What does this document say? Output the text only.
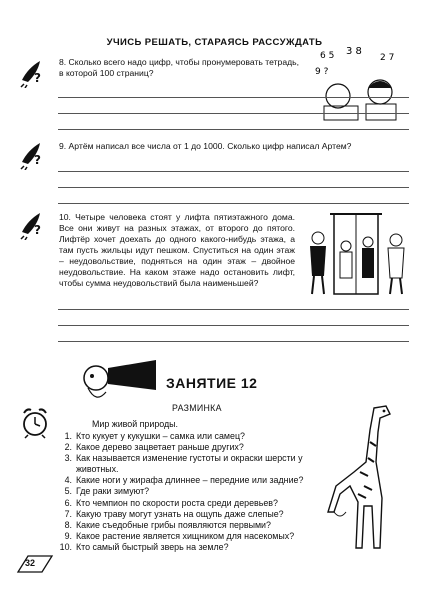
УЧИСЬ РЕШАТЬ, СТАРАЯСЬ РАССУЖДАТЬ
?
8. Сколько всего надо цифр, чтобы пронумеровать тетрадь, в которой 100 страниц?
6 5 3 8
2 7
9 ?
?
9. Артём написал все числа от 1 до 1000. Сколько цифр написал Артем?
?
10. Четыре человека стоят у лифта пятиэтажного дома. Все они живут на разных этажах, от второго до пятого. Лифтёр хочет доехать до одного какого-нибудь этажа, а там пусть жильцы идут пешком. Спуститься на один этаж – неудовольствие, подняться на один этаж – двойное неудовольствие. На каком этаже надо остановить лифт, чтобы сумма неудовольствий была наименьшей?
ЗАНЯТИЕ 12
РАЗМИНКА
Мир живой природы.
1. Кто кукует у кукушки – самка или самец?
2. Какое дерево зацветает раньше других?
3. Как называется изменение густоты и окраски шерсти у животных.
4. Какие ноги у жирафа длиннее – передние или задние?
5. Где раки зимуют?
6. Кто чемпион по скорости роста среди деревьев?
7. Какую траву могут узнать на ощупь даже слепые?
8. Какие съедобные грибы появляются первыми?
9. Какое растение является хищником для насекомых?
10. Кто самый быстрый зверь на земле?
32
